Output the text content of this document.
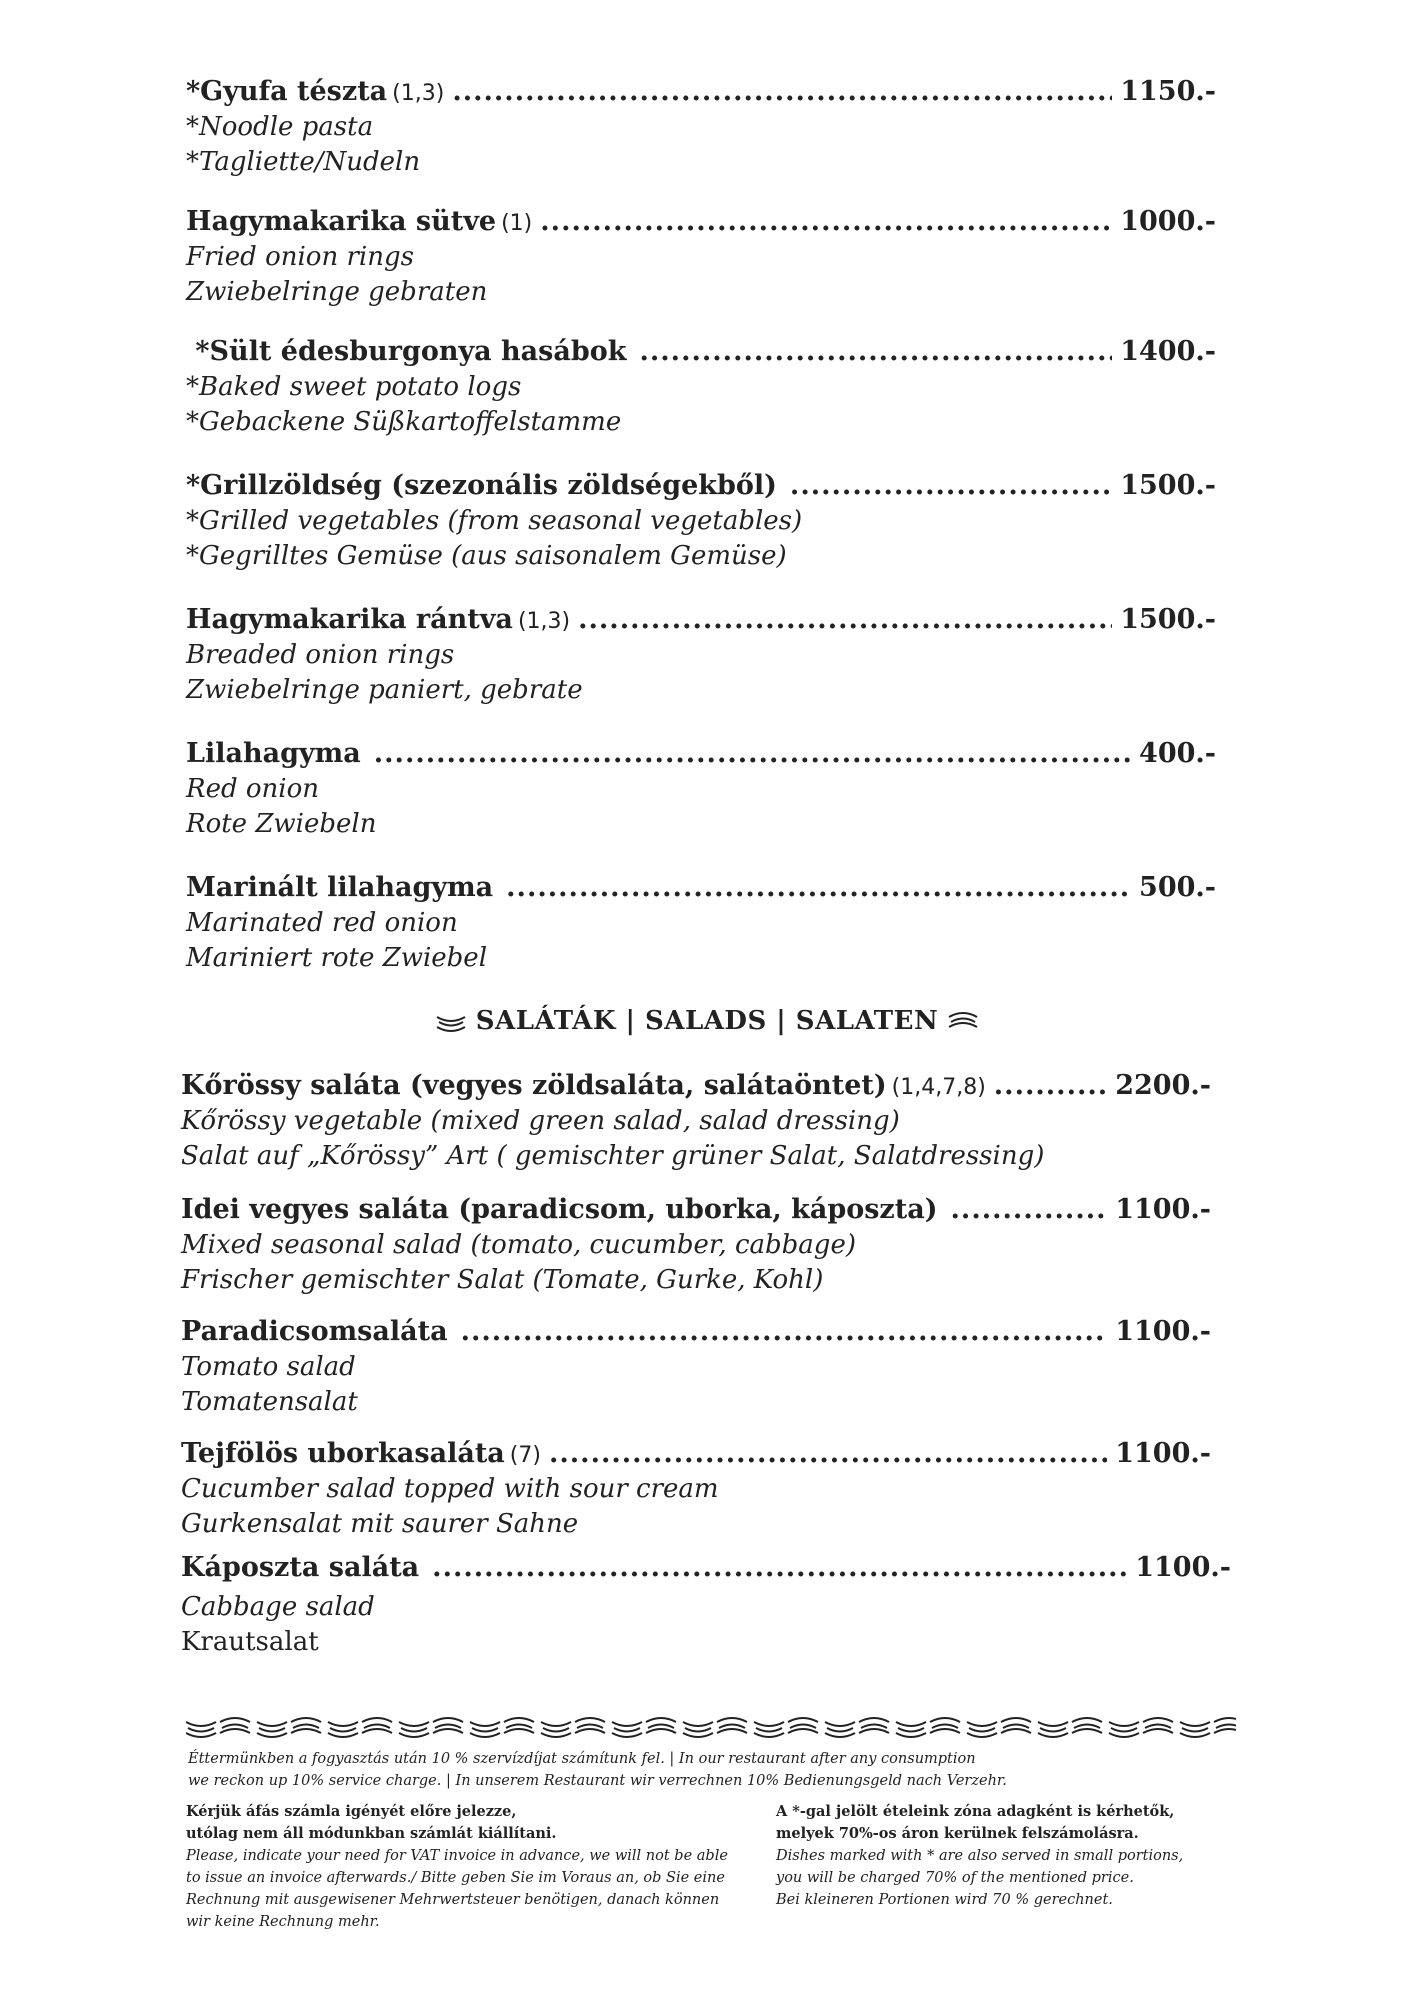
*Gyufa tészta (1,3) .....	1150.-
*Noodle pasta
*Tagliette/Nudeln
Hagymakarika sütve (1) .....	1000.-
Fried onion rings
Zwiebelringe gebraten
*Sült édesburgonya hasábok .....	1400.-
*Baked sweet potato logs
*Gebackene Süßkartoffelstamme
*Grillzöldség (szezonális zöldségekből) .....	1500.-
*Grilled vegetables (from seasonal vegetables)
*Gegrilltes Gemüse (aus saisonalem Gemüse)
Hagymakarika rántva (1,3) .....	1500.-
Breaded onion rings
Zwiebelringe paniert, gebrate
Lilahagyma .....	400.-
Red onion
Rote Zwiebeln
Marinált lilahagyma .....	500.-
Marinated red onion
Mariniert rote Zwiebel
SALÁTÁK | SALADS | SALATEN
Kőrössy saláta (vegyes zöldsaláta, salátaöntet) (1,4,7,8) .....	2200.-
Kőrössy vegetable (mixed green salad, salad dressing)
Salat auf „Kőrössy” Art ( gemischter grüner Salat, Salatdressing)
Idei vegyes saláta (paradicsom, uborka, káposzta) .....	1100.-
Mixed seasonal salad (tomato, cucumber, cabbage)
Frischer gemischter Salat (Tomate, Gurke, Kohl)
Paradicsomsaláta .....	1100.-
Tomato salad
Tomatensalat
Tejfölös uborkasaláta (7) .....	1100.-
Cucumber salad topped with sour cream
Gurkensalat mit saurer Sahne
Káposzta saláta .....	1100.-
Cabbage salad
Krautsalat
Éttermünkben a fogyasztás után 10 % szervízdíjat számítunk fel. | In our restaurant after any consumption
we reckon up 10% service charge. | In unserem Restaurant wir verrechnen 10% Bedienungsgeld nach Verzehr.
Kérjük áfás számla igényét előre jelezze,
utólag nem áll módunkban számlát kiállítani.
Please, indicate your need for VAT invoice in advance, we will not be able
to issue an invoice afterwards./ Bitte geben Sie im Voraus an, ob Sie eine
Rechnung mit ausgewisener Mehrwertsteuer benötigen, danach können
wir keine Rechnung mehr.
A *-gal jelölt ételeink zóna adagként is kérhetők,
melyek 70%-os áron kerülnek felszámolásra.
Dishes marked with * are also served in small portions,
you will be charged 70% of the mentioned price.
Bei kleineren Portionen wird 70 % gerechnet.
